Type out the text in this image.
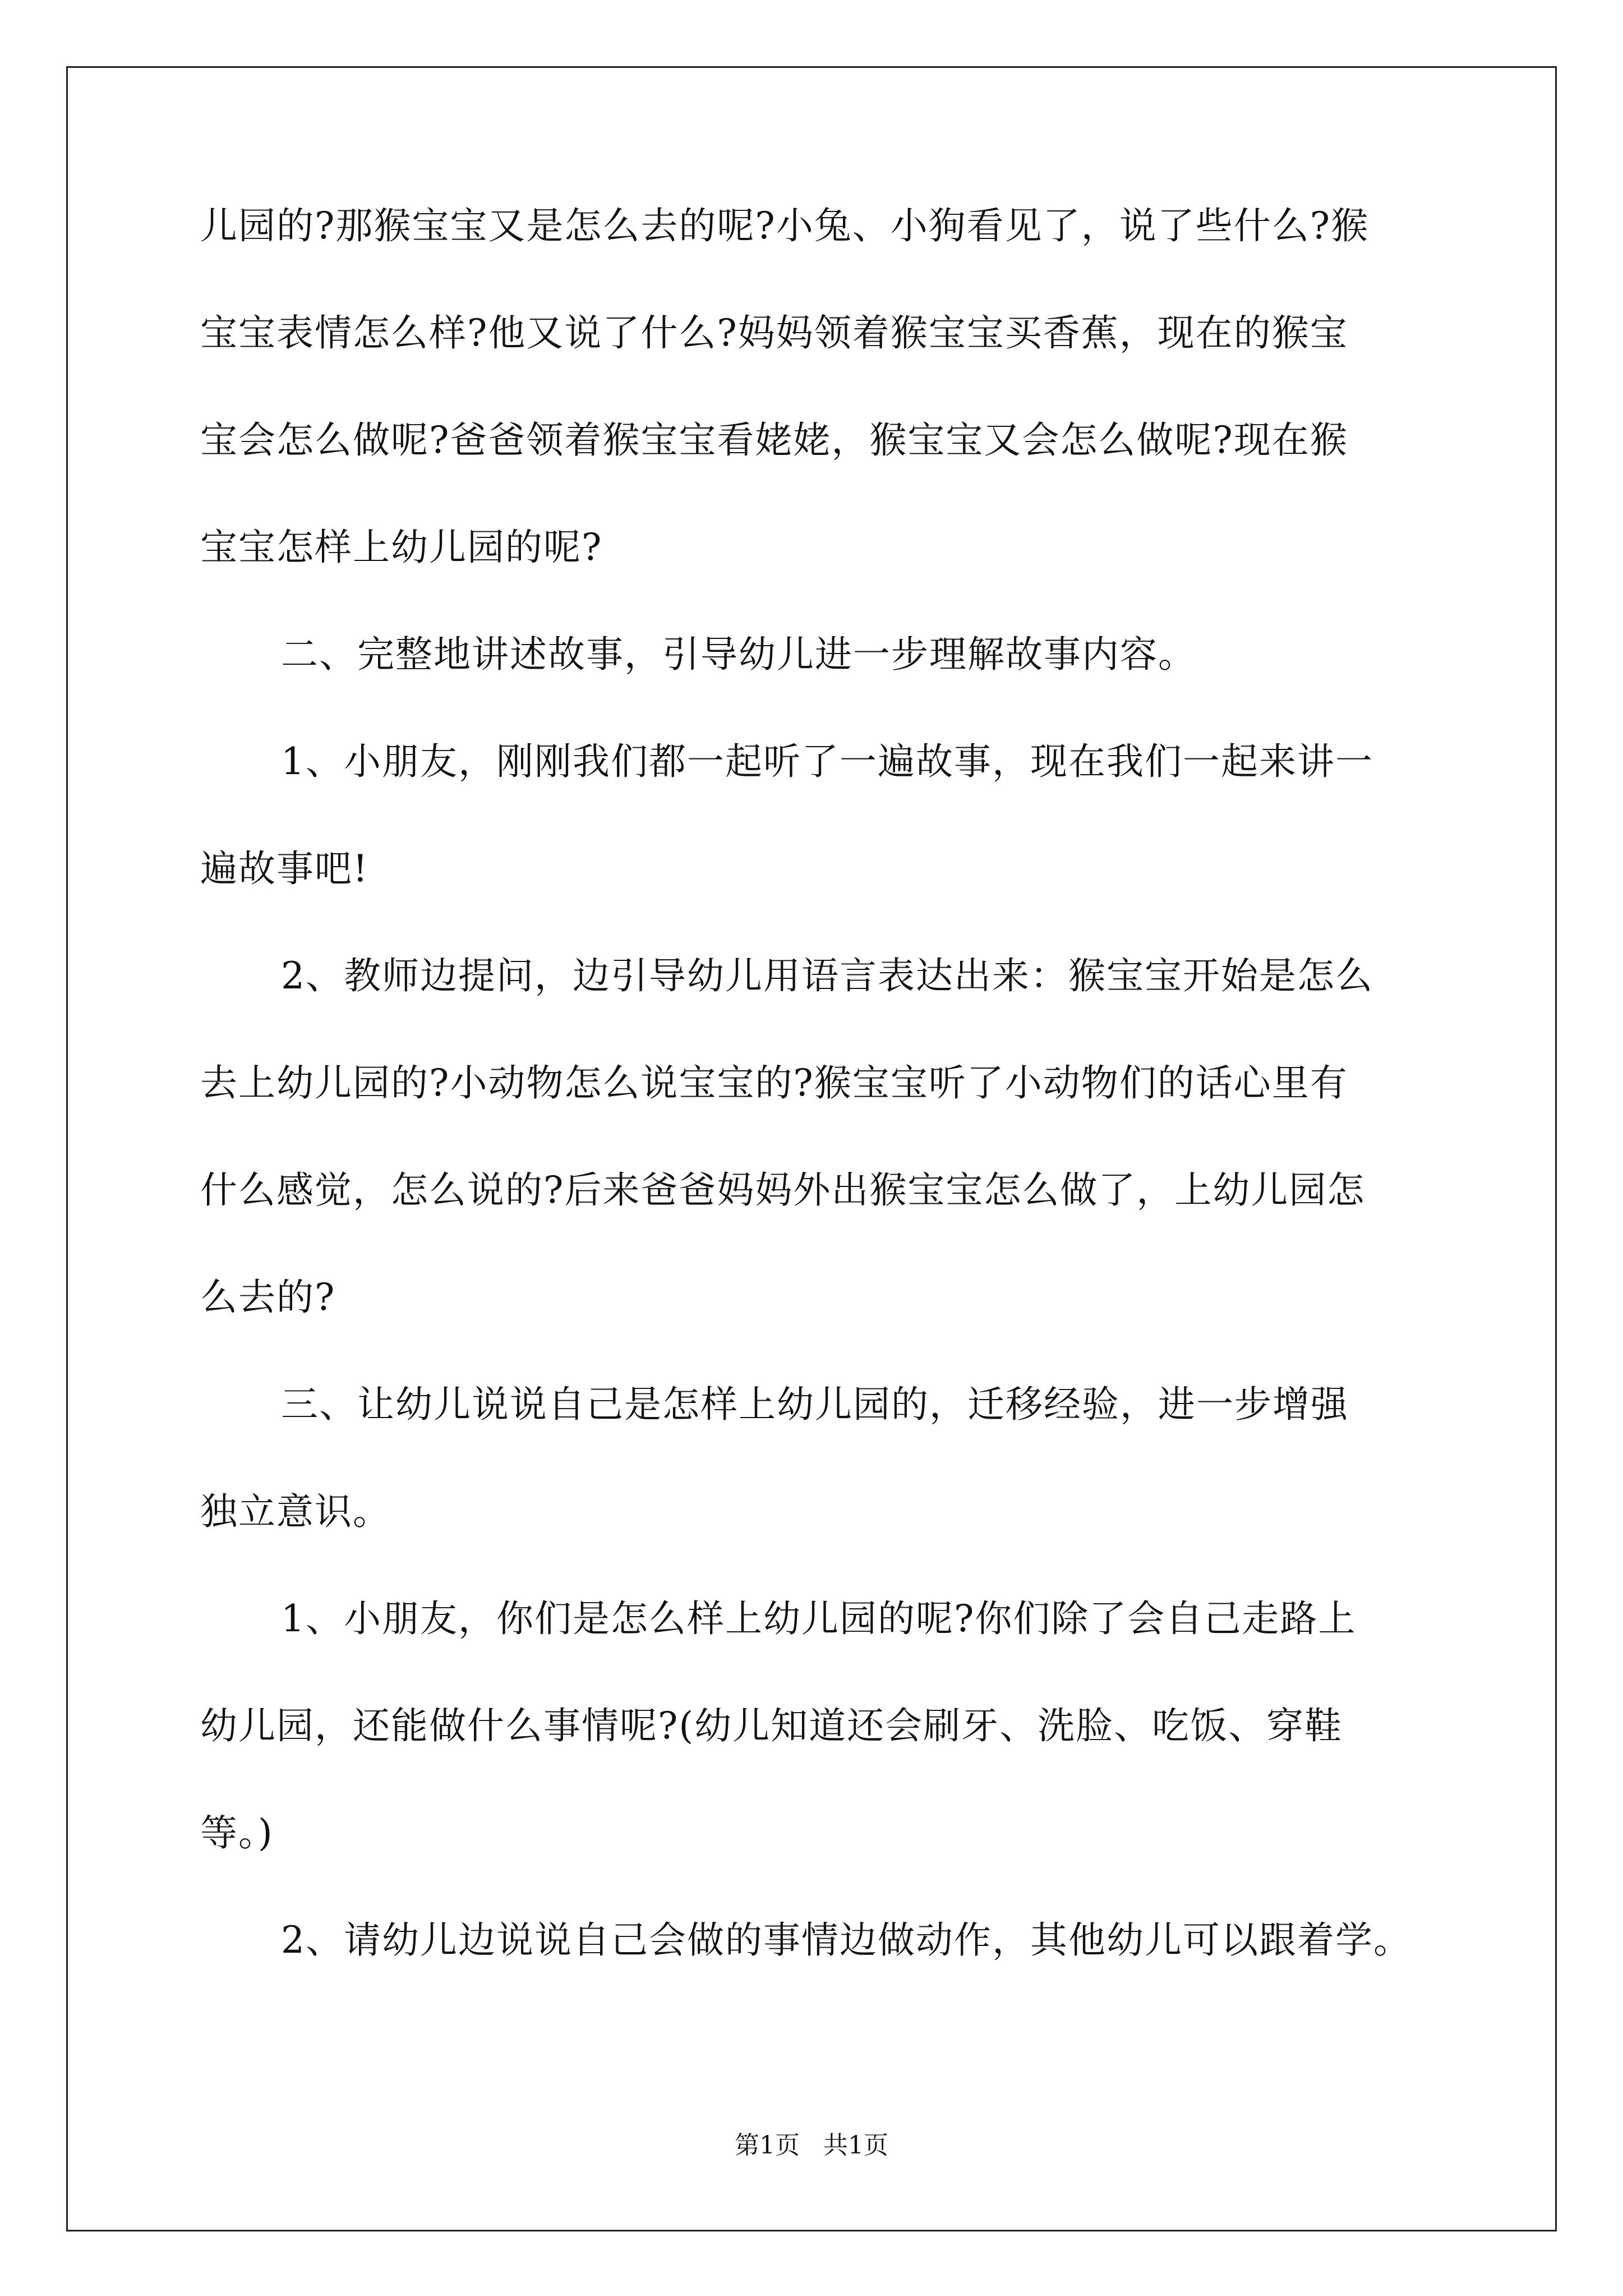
儿园的?那猴宝宝又是怎么去的呢?小兔、小狗看见了，说了些什么?猴
宝宝表情怎么样?他又说了什么?妈妈领着猴宝宝买香蕉，现在的猴宝
宝会怎么做呢?爸爸领着猴宝宝看姥姥，猴宝宝又会怎么做呢?现在猴
宝宝怎样上幼儿园的呢?
二、完整地讲述故事，引导幼儿进一步理解故事内容。
1、小朋友，刚刚我们都一起听了一遍故事，现在我们一起来讲一
遍故事吧!
2、教师边提问，边引导幼儿用语言表达出来：猴宝宝开始是怎么
去上幼儿园的?小动物怎么说宝宝的?猴宝宝听了小动物们的话心里有
什么感觉，怎么说的?后来爸爸妈妈外出猴宝宝怎么做了，上幼儿园怎
么去的?
三、让幼儿说说自己是怎样上幼儿园的，迁移经验，进一步增强
独立意识。
1、小朋友，你们是怎么样上幼儿园的呢?你们除了会自己走路上
幼儿园，还能做什么事情呢?(幼儿知道还会刷牙、洗脸、吃饭、穿鞋
等。)
2、请幼儿边说说自己会做的事情边做动作，其他幼儿可以跟着学。
第1页   共1页
